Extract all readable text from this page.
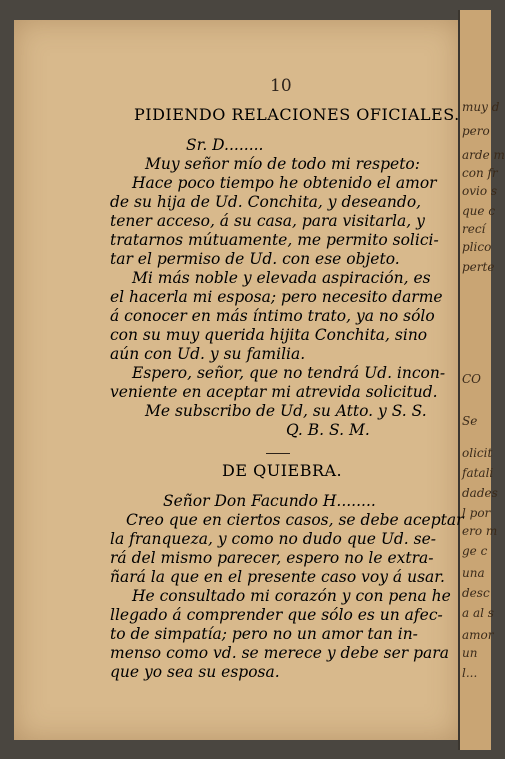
muy d
pero
arde m
con fr
ovio s
que c
recí
plico
perte
CO
Se
olicit
fatali
dades
l por
ero m
ge c
una
desc
a al s
amor
un
l...
10
PIDIENDO RELACIONES OFICIALES.
Sr. D........
Muy señor mío de todo mi respeto:
Hace poco tiempo he obtenido el amor
de su hija de Ud. Conchita, y deseando,
tener acceso, á su casa, para visitarla, y
tratarnos mútuamente, me permito solici-
tar el permiso de Ud. con ese objeto.
Mi más noble y elevada aspiración, es
el hacerla mi esposa; pero necesito darme
á conocer en más íntimo trato, ya no sólo
con su muy querida hijita Conchita, sino
aún con Ud. y su familia.
Espero, señor, que no tendrá Ud. incon-
veniente en aceptar mi atrevida solicitud.
Me subscribo de Ud, su Atto. y S. S.
Q. B. S. M.
DE QUIEBRA.
Señor Don Facundo H........
Creo que en ciertos casos, se debe aceptar
la franqueza, y como no dudo que Ud. se-
rá del mismo parecer, espero no le extra-
ñará la que en el presente caso voy á usar.
He consultado mi corazón y con pena he
llegado á comprender que sólo es un afec-
to de simpatía; pero no un amor tan in-
menso como vd. se merece y debe ser para
que yo sea su esposa.
